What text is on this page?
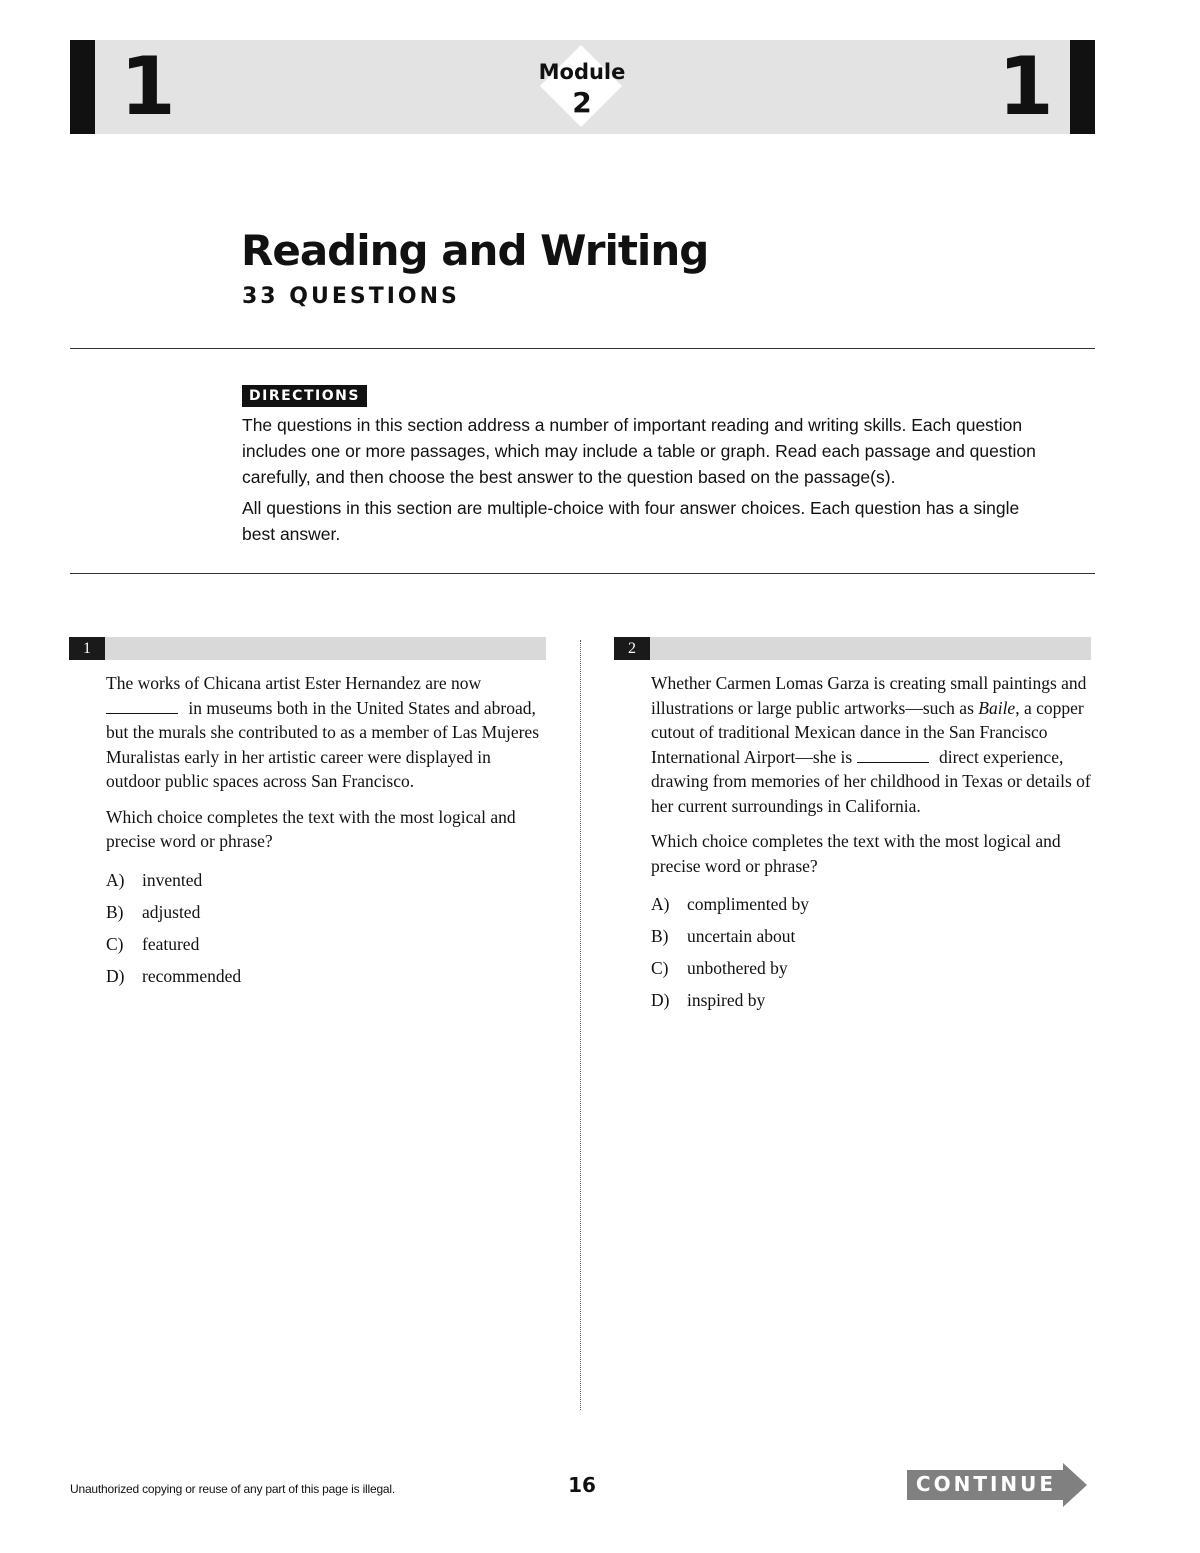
1	1
Module
2
Reading and Writing
33 QUESTIONS
DIRECTIONS

The questions in this section address a number of important reading and writing skills. Each question includes one or more passages, which may include a table or graph. Read each passage and question carefully, and then choose the best answer to the question based on the passage(s).

All questions in this section are multiple-choice with four answer choices. Each question has a single best answer.

1

The works of Chicana artist Ester Hernandez are now  in museums both in the United States and abroad, but the murals she contributed to as a member of Las Mujeres Muralistas early in her artistic career were displayed in outdoor public spaces across San Francisco.

Which choice completes the text with the most logical and precise word or phrase?

A)	invented
B)	adjusted
C)	featured
D)	recommended
2

Whether Carmen Lomas Garza is creating small paintings and illustrations or large public artworks—such as Baile, a copper cutout of traditional Mexican dance in the San Francisco International Airport—she is	direct experience, drawing from memories of her childhood in Texas or details of her current surroundings in California.

Which choice completes the text with the most logical and precise word or phrase?

A)	complimented by
B)	uncertain about
C)	unbothered by
D)	inspired by
Unauthorized copying or reuse of any part of this page is illegal.	16	CONTINUE
